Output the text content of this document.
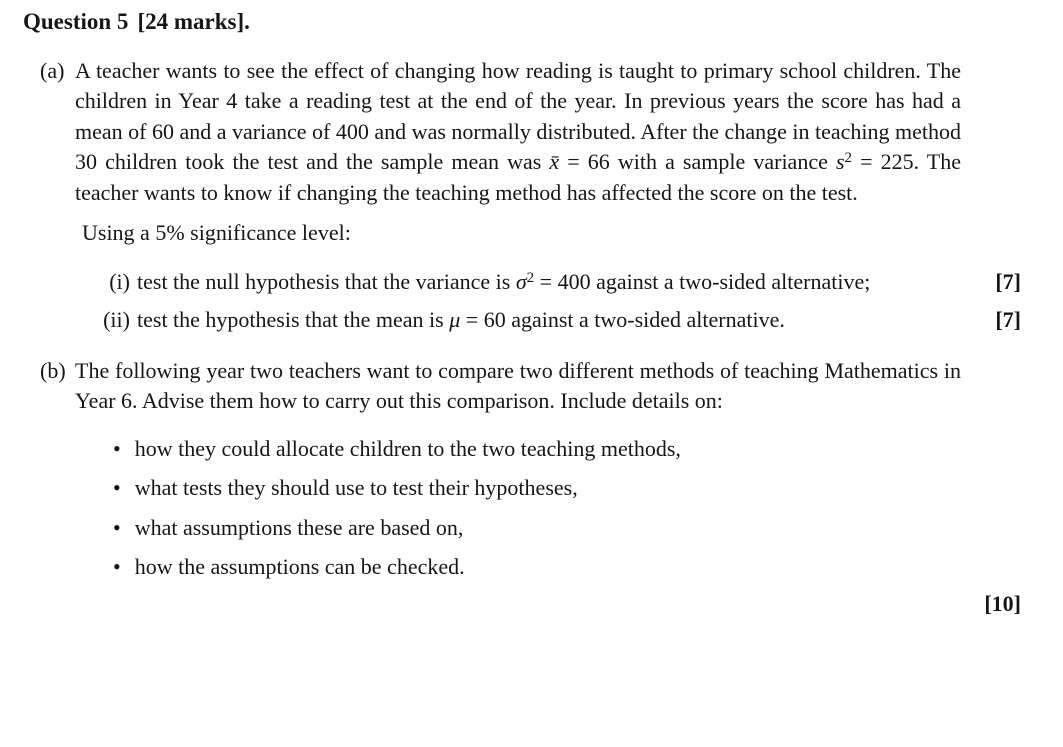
Question 5 [24 marks].
(a) A teacher wants to see the effect of changing how reading is taught to primary school children. The children in Year 4 take a reading test at the end of the year. In previous years the score has had a mean of 60 and a variance of 400 and was normally distributed. After the change in teaching method 30 children took the test and the sample mean was x̄ = 66 with a sample variance $s^2 = 225$. The teacher wants to know if changing the teaching method has affected the score on the test.

Using a 5% significance level:

(i) test the null hypothesis that the variance is $\sigma^2 = 400$ against a two-sided alternative;	[7]
(ii) test the hypothesis that the mean is μ = 60 against a two-sided alternative.	[7]
(b) The following year two teachers want to compare two different methods of teaching Mathematics in Year 6. Advise them how to carry out this comparison. Include details on:

• how they could allocate children to the two teaching methods,
• what tests they should use to test their hypotheses,
• what assumptions these are based on,
• how the assumptions can be checked.
[10]
